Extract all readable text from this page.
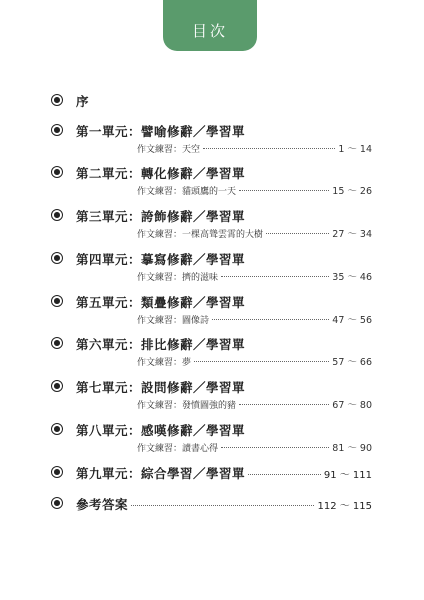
目次
序
第一單元：譬喻修辭／學習單
作文練習： 天空	1 ～ 14
第二單元：轉化修辭／學習單
作文練習： 貓頭鷹的一天	15 ～ 26
第三單元：誇飾修辭／學習單
作文練習： 一棵高聳雲霄的大樹	27 ～ 34
第四單元：摹寫修辭／學習單
作文練習： 擠的滋味	35 ～ 46
第五單元：類疊修辭／學習單
作文練習： 圖像詩	47 ～ 56
第六單元：排比修辭／學習單
作文練習： 夢	57 ～ 66
第七單元：設問修辭／學習單
作文練習： 發憤圖強的豬	67 ～ 80
第八單元：感嘆修辭／學習單
作文練習： 讀書心得	81 ～ 90
第九單元：綜合學習／學習單	91 ～ 111
參考答案	112 ～ 115
